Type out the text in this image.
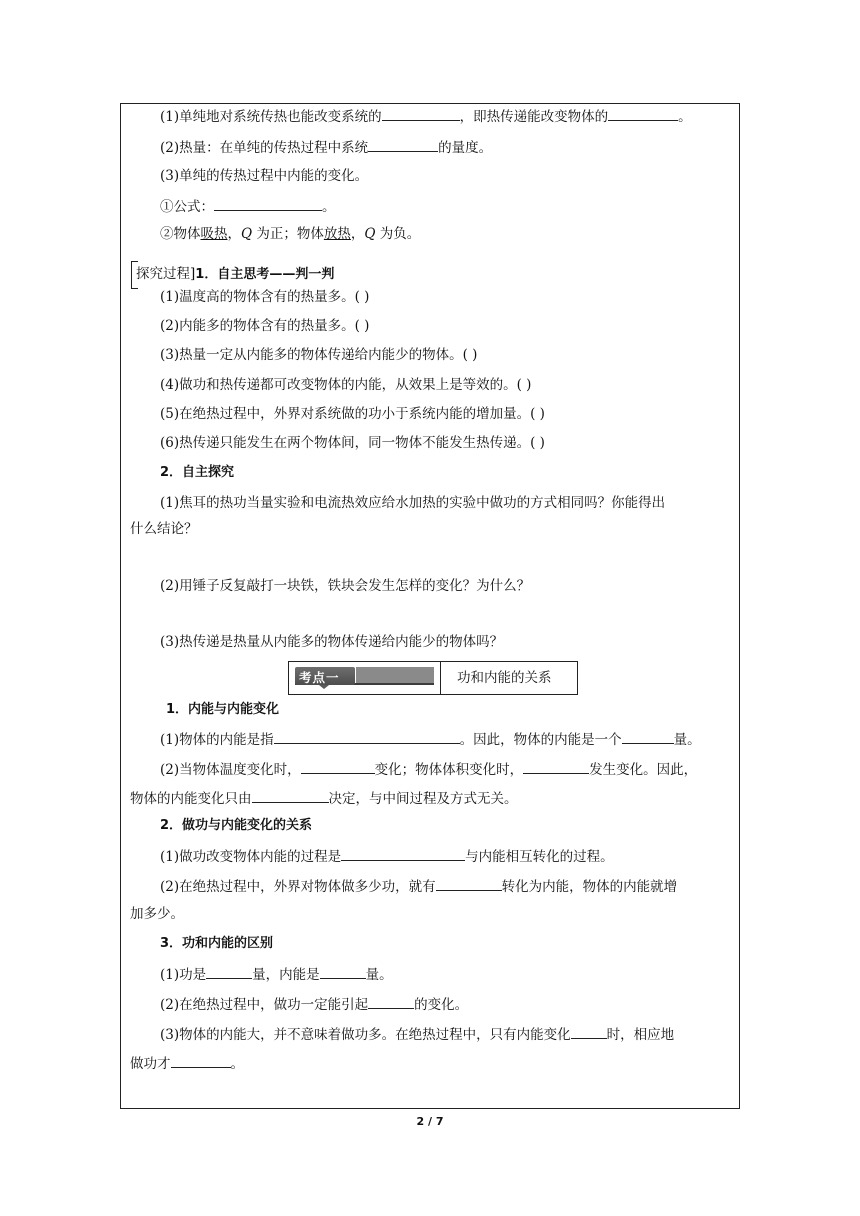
(1)单纯地对系统传热也能改变系统的	，即热传递能改变物体的	。
(2)热量：在单纯的传热过程中系统	的量度。
(3)单纯的传热过程中内能的变化。
①公式：	。
②物体吸热，Q 为正；物体放热，Q 为负。
探究过程]1．自主思考——判一判
(1)温度高的物体含有的热量多。( )
(2)内能多的物体含有的热量多。( )
(3)热量一定从内能多的物体传递给内能少的物体。( )
(4)做功和热传递都可改变物体的内能，从效果上是等效的。( )
(5)在绝热过程中，外界对系统做的功小于系统内能的增加量。( )
(6)热传递只能发生在两个物体间，同一物体不能发生热传递。( )
2．自主探究
(1)焦耳的热功当量实验和电流热效应给水加热的实验中做功的方式相同吗？你能得出
什么结论？
(2)用锤子反复敲打一块铁，铁块会发生怎样的变化？为什么？
(3)热传递是热量从内能多的物体传递给内能少的物体吗？
考点一	功和内能的关系
1．内能与内能变化
(1)物体的内能是指	。因此，物体的内能是一个	量。
(2)当物体温度变化时，	变化；物体体积变化时，	发生变化。因此，
物体的内能变化只由	决定，与中间过程及方式无关。
2．做功与内能变化的关系
(1)做功改变物体内能的过程是	与内能相互转化的过程。
(2)在绝热过程中，外界对物体做多少功，就有	转化为内能，物体的内能就增
加多少。
3．功和内能的区别
(1)功是	量，内能是	量。
(2)在绝热过程中，做功一定能引起	的变化。
(3)物体的内能大，并不意味着做功多。在绝热过程中，只有内能变化	时，相应地
做功才	。
2 / 7
